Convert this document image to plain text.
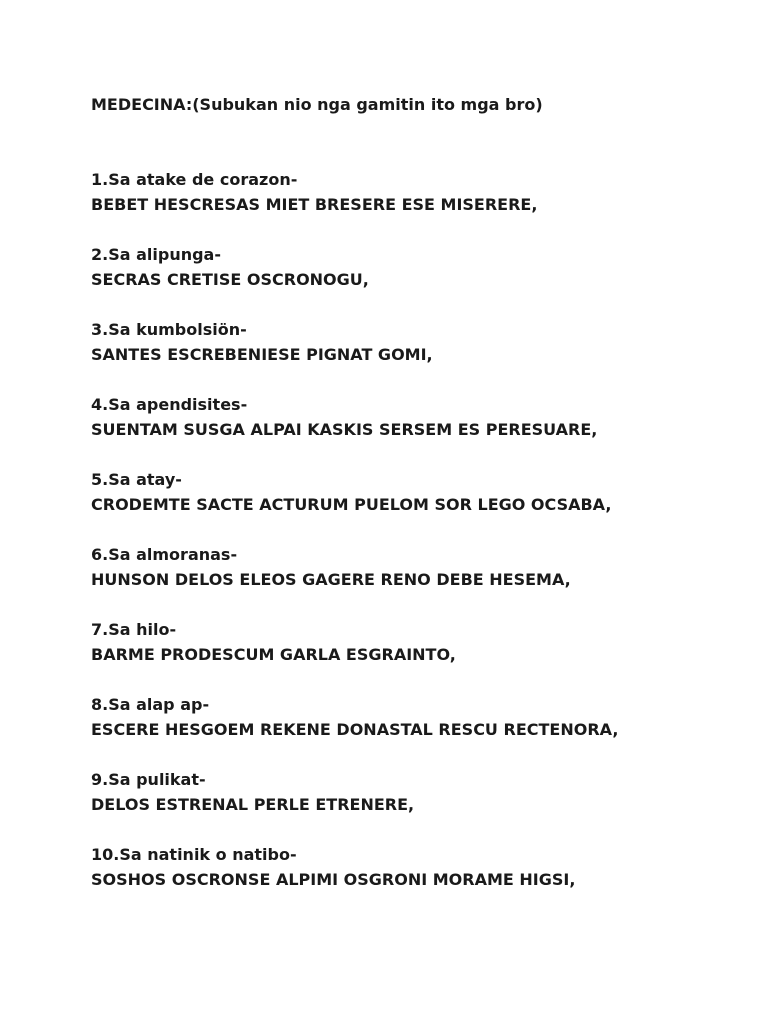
MEDECINA:(Subukan nio nga gamitin ito mga bro)
1.Sa atake de corazon-
BEBET HESCRESAS MIET BRESERE ESE MISERERE,
2.Sa alipunga-
SECRAS CRETISE OSCRONOGU,
3.Sa kumbolsiön-
SANTES ESCREBENIESE PIGNAT GOMI,
4.Sa apendisites-
SUENTAM SUSGA ALPAI KASKIS SERSEM ES PERESUARE,
5.Sa atay-
CRODEMTE SACTE ACTURUM PUELOM SOR LEGO OCSABA,
6.Sa almoranas-
HUNSON DELOS ELEOS GAGERE RENO DEBE HESEMA,
7.Sa hilo-
BARME PRODESCUM GARLA ESGRAINTO,
8.Sa alap ap-
ESCERE HESGOEM REKENE DONASTAL RESCU RECTENORA,
9.Sa pulikat-
DELOS ESTRENAL PERLE ETRENERE,
10.Sa natinik o natibo-
SOSHOS OSCRONSE ALPIMI OSGRONI MORAME HIGSI,
